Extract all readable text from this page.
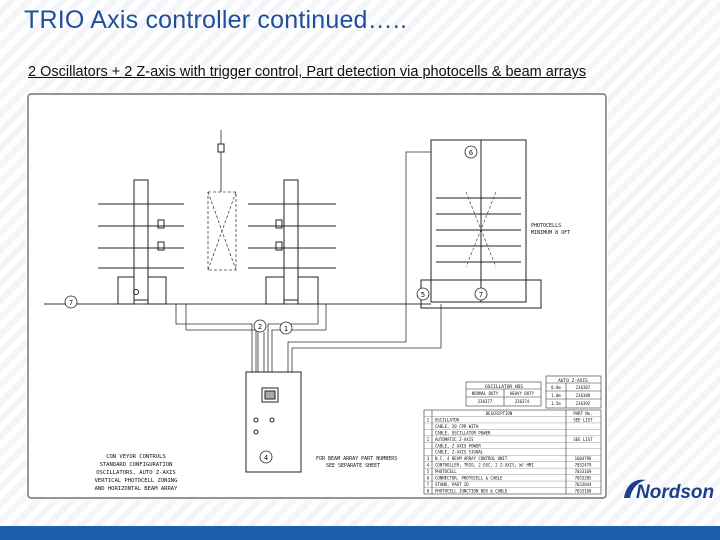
TRIO Axis controller continued…..
2 Oscillators + 2 Z-axis with trigger control, Part detection via photocells & beam arrays
7
2	1
4
5	7
6
PHOTOCELLS
MINIMUM 8 OFT
CON VEYOR CONTROLS
STANDARD CONFIGURATION
OSCILLATORS, AUTO Z-AXIS
VERTICAL PHOTOCELL ZONING
AND HORIZONTAL BEAM ARRAY
FOR BEAM ARRAY PART NUMBERS
SEE SEPARATE SHEET
OSCILLATOR HDS
NORMAL DUTY	HEAVY DUTY
236377	236374
AUTO Z-AXIS
0.8m	236387
1.0m	236388
1.5m	236392
DESCRIPTION	PART No.
1 OSCILLATOR	SEE LIST
CABLE, 20 CPR WITH
CABLE, OSCILLATOR POWER
2 AUTOMATIC Z-AXIS	SEE LIST
CABLE, Z AXIS POWER
CABLE, Z-AXIS SIGNAL
3 N.C. 4 BEAM ARRAY CONTROL UNIT	1604796
4 CONTROLLER, TRIO, 2 OSC, 2 Z-AXIS, W/ HMI	7032479
5 PHOTOCELL	7033169
6 CONNECTOR, PHOTOCELL & CABLE	7033205
7 STAND, PART ID	7033044
8 PHOTOCELL JUNCTION BOX & CABLE	7033160 Nordson
